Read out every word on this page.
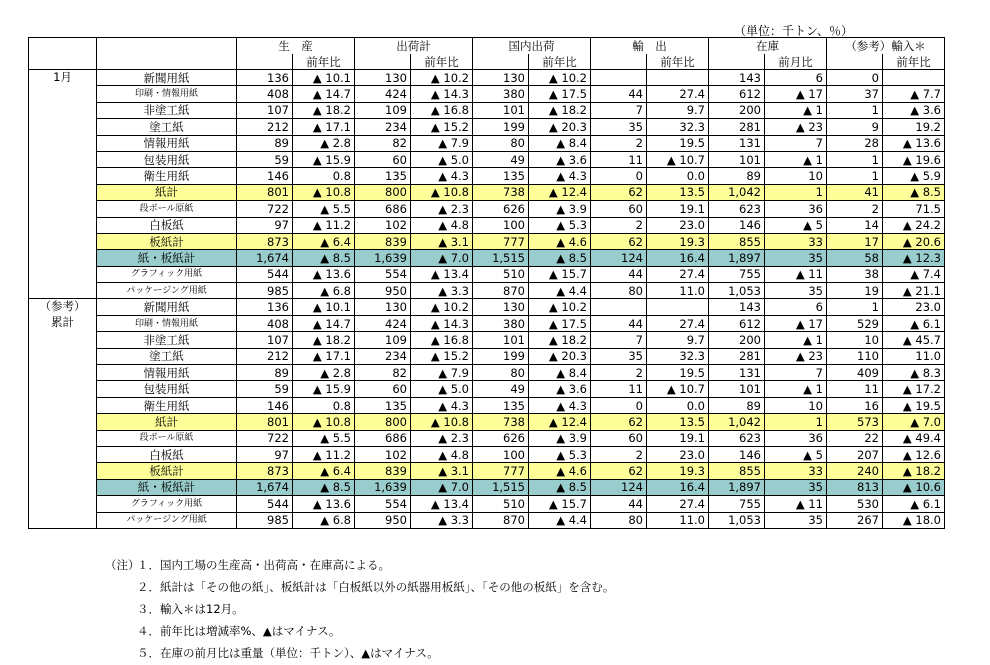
（単位：千トン、％）
		生　産		出荷計		国内出荷		輸　出		在庫		（参考）輸入＊	
			前年比		前年比		前年比		前年比		前月比		前年比
1月	新聞用紙	136	▲ 10.1	130	▲ 10.2	130	▲ 10.2			143	6	0	
	印刷・情報用紙	408	▲ 14.7	424	▲ 14.3	380	▲ 17.5	44	27.4	612	▲ 17	37	▲ 7.7
	非塗工紙	107	▲ 18.2	109	▲ 16.8	101	▲ 18.2	7	9.7	200	▲ 1	1	▲ 3.6
	塗工紙	212	▲ 17.1	234	▲ 15.2	199	▲ 20.3	35	32.3	281	▲ 23	9	19.2
	情報用紙	89	▲ 2.8	82	▲ 7.9	80	▲ 8.4	2	19.5	131	7	28	▲ 13.6
	包装用紙	59	▲ 15.9	60	▲ 5.0	49	▲ 3.6	11	▲ 10.7	101	▲ 1	1	▲ 19.6
	衛生用紙	146	0.8	135	▲ 4.3	135	▲ 4.3	0	0.0	89	10	1	▲ 5.9
	紙計	801	▲ 10.8	800	▲ 10.8	738	▲ 12.4	62	13.5	1,042	1	41	▲ 8.5
	段ボール原紙	722	▲ 5.5	686	▲ 2.3	626	▲ 3.9	60	19.1	623	36	2	71.5
	白板紙	97	▲ 11.2	102	▲ 4.8	100	▲ 5.3	2	23.0	146	▲ 5	14	▲ 24.2
	板紙計	873	▲ 6.4	839	▲ 3.1	777	▲ 4.6	62	19.3	855	33	17	▲ 20.6
	紙・板紙計	1,674	▲ 8.5	1,639	▲ 7.0	1,515	▲ 8.5	124	16.4	1,897	35	58	▲ 12.3
	グラフィック用紙	544	▲ 13.6	554	▲ 13.4	510	▲ 15.7	44	27.4	755	▲ 11	38	▲ 7.4
	パッケージング用紙	985	▲ 6.8	950	▲ 3.3	870	▲ 4.4	80	11.0	1,053	35	19	▲ 21.1
（参考）	新聞用紙	136	▲ 10.1	130	▲ 10.2	130	▲ 10.2			143	6	1	23.0
累計	印刷・情報用紙	408	▲ 14.7	424	▲ 14.3	380	▲ 17.5	44	27.4	612	▲ 17	529	▲ 6.1
	非塗工紙	107	▲ 18.2	109	▲ 16.8	101	▲ 18.2	7	9.7	200	▲ 1	10	▲ 45.7
	塗工紙	212	▲ 17.1	234	▲ 15.2	199	▲ 20.3	35	32.3	281	▲ 23	110	11.0
	情報用紙	89	▲ 2.8	82	▲ 7.9	80	▲ 8.4	2	19.5	131	7	409	▲ 8.3
	包装用紙	59	▲ 15.9	60	▲ 5.0	49	▲ 3.6	11	▲ 10.7	101	▲ 1	11	▲ 17.2
	衛生用紙	146	0.8	135	▲ 4.3	135	▲ 4.3	0	0.0	89	10	16	▲ 19.5
	紙計	801	▲ 10.8	800	▲ 10.8	738	▲ 12.4	62	13.5	1,042	1	573	▲ 7.0
	段ボール原紙	722	▲ 5.5	686	▲ 2.3	626	▲ 3.9	60	19.1	623	36	22	▲ 49.4
	白板紙	97	▲ 11.2	102	▲ 4.8	100	▲ 5.3	2	23.0	146	▲ 5	207	▲ 12.6
	板紙計	873	▲ 6.4	839	▲ 3.1	777	▲ 4.6	62	19.3	855	33	240	▲ 18.2
	紙・板紙計	1,674	▲ 8.5	1,639	▲ 7.0	1,515	▲ 8.5	124	16.4	1,897	35	813	▲ 10.6
	グラフィック用紙	544	▲ 13.6	554	▲ 13.4	510	▲ 15.7	44	27.4	755	▲ 11	530	▲ 6.1
	パッケージング用紙	985	▲ 6.8	950	▲ 3.3	870	▲ 4.4	80	11.0	1,053	35	267	▲ 18.0
（注）
１．国内工場の生産高・出荷高・在庫高による。
２．紙計は「その他の紙」、板紙計は「白板紙以外の紙器用板紙」、「その他の板紙」を含む。
３．輸入＊は12月。
４．前年比は増減率%、▲はマイナス。
５．在庫の前月比は重量（単位：千トン）、▲はマイナス。
